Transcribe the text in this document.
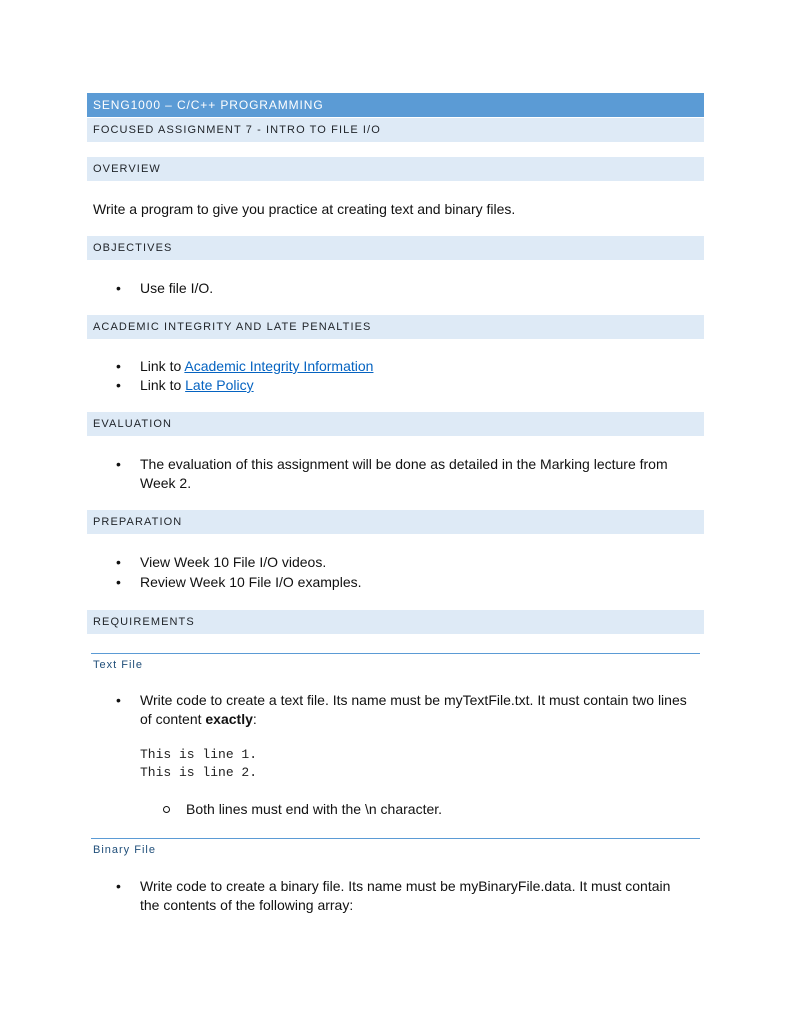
SENG1000 – C/C++ PROGRAMMING
FOCUSED ASSIGNMENT 7 - INTRO TO FILE I/O
OVERVIEW
Write a program to give you practice at creating text and binary files.
OBJECTIVES
•	Use file I/O.
ACADEMIC INTEGRITY AND LATE PENALTIES
•	Link to Academic Integrity Information
•	Link to Late Policy
EVALUATION
•	The evaluation of this assignment will be done as detailed in the Marking lecture from Week 2.
PREPARATION
•	View Week 10 File I/O videos.
•	Review Week 10 File I/O examples.
REQUIREMENTS
Text File
•	Write code to create a text file. Its name must be myTextFile.txt. It must contain two lines of content exactly:
This is line 1.
This is line 2.
Both lines must end with the \n character.
Binary File
•	Write code to create a binary file. Its name must be myBinaryFile.data. It must contain the contents of the following array:
